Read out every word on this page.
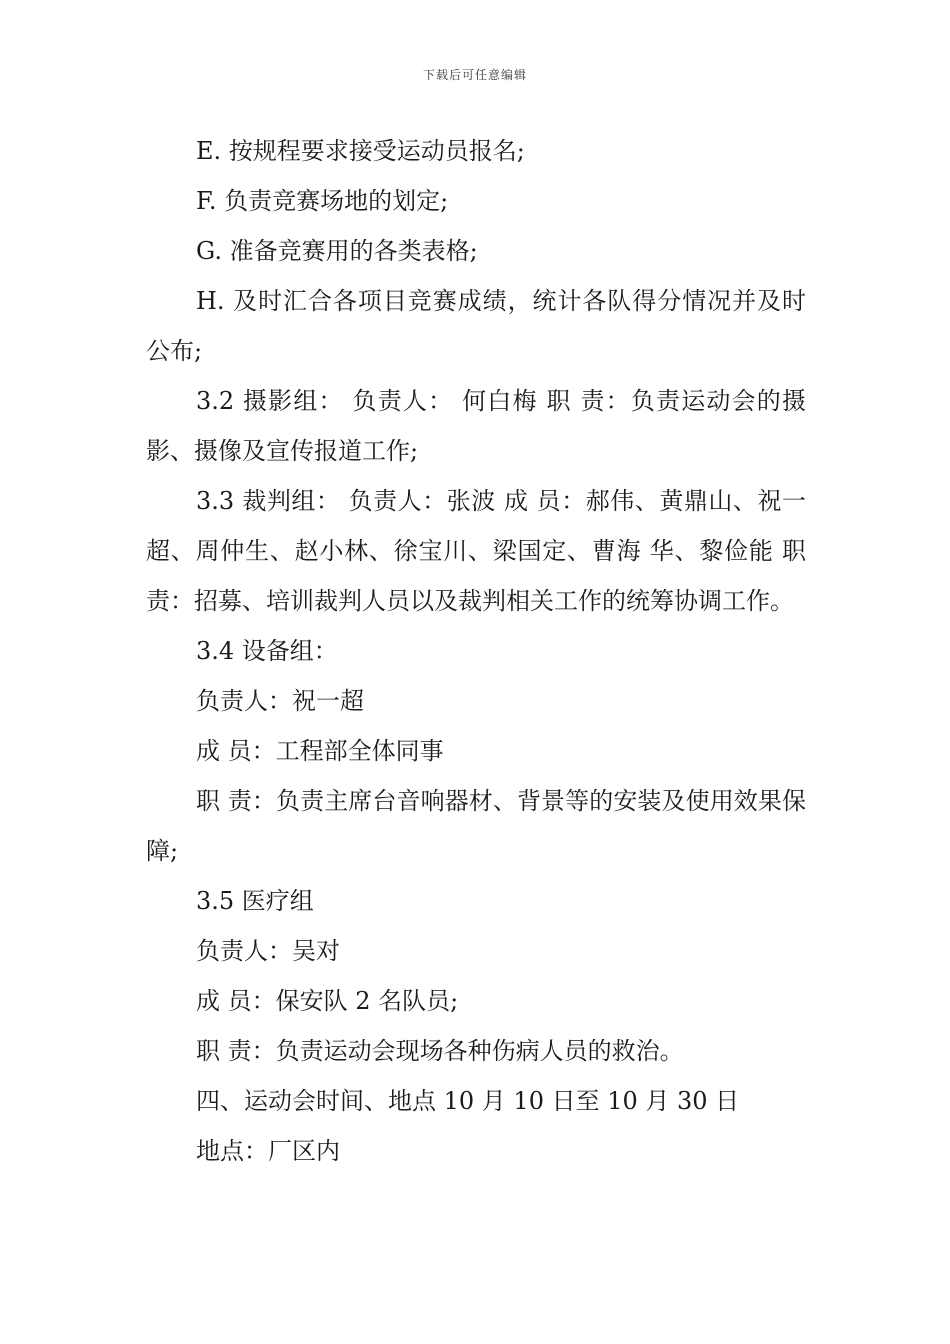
下载后可任意编辑

E. 按规程要求接受运动员报名;

F. 负责竞赛场地的划定;

G. 准备竞赛用的各类表格;

H. 及时汇合各项目竞赛成绩，统计各队得分情况并及时公布;

3.2 摄影组： 负责人： 何白梅 职 责：负责运动会的摄影、摄像及宣传报道工作;

3.3 裁判组： 负责人：张波 成 员：郝伟、黄鼎山、祝一超、周仲生、赵小林、徐宝川、梁国定、曹海 华、黎俭能 职 责：招募、培训裁判人员以及裁判相关工作的统筹协调工作。

3.4 设备组：

负责人：祝一超

成 员：工程部全体同事

职 责：负责主席台音响器材、背景等的安装及使用效果保障;

3.5 医疗组

负责人：吴对

成 员：保安队 2 名队员;

职 责：负责运动会现场各种伤病人员的救治。

四、运动会时间、地点 10 月 10 日至 10 月 30 日

地点：厂区内
